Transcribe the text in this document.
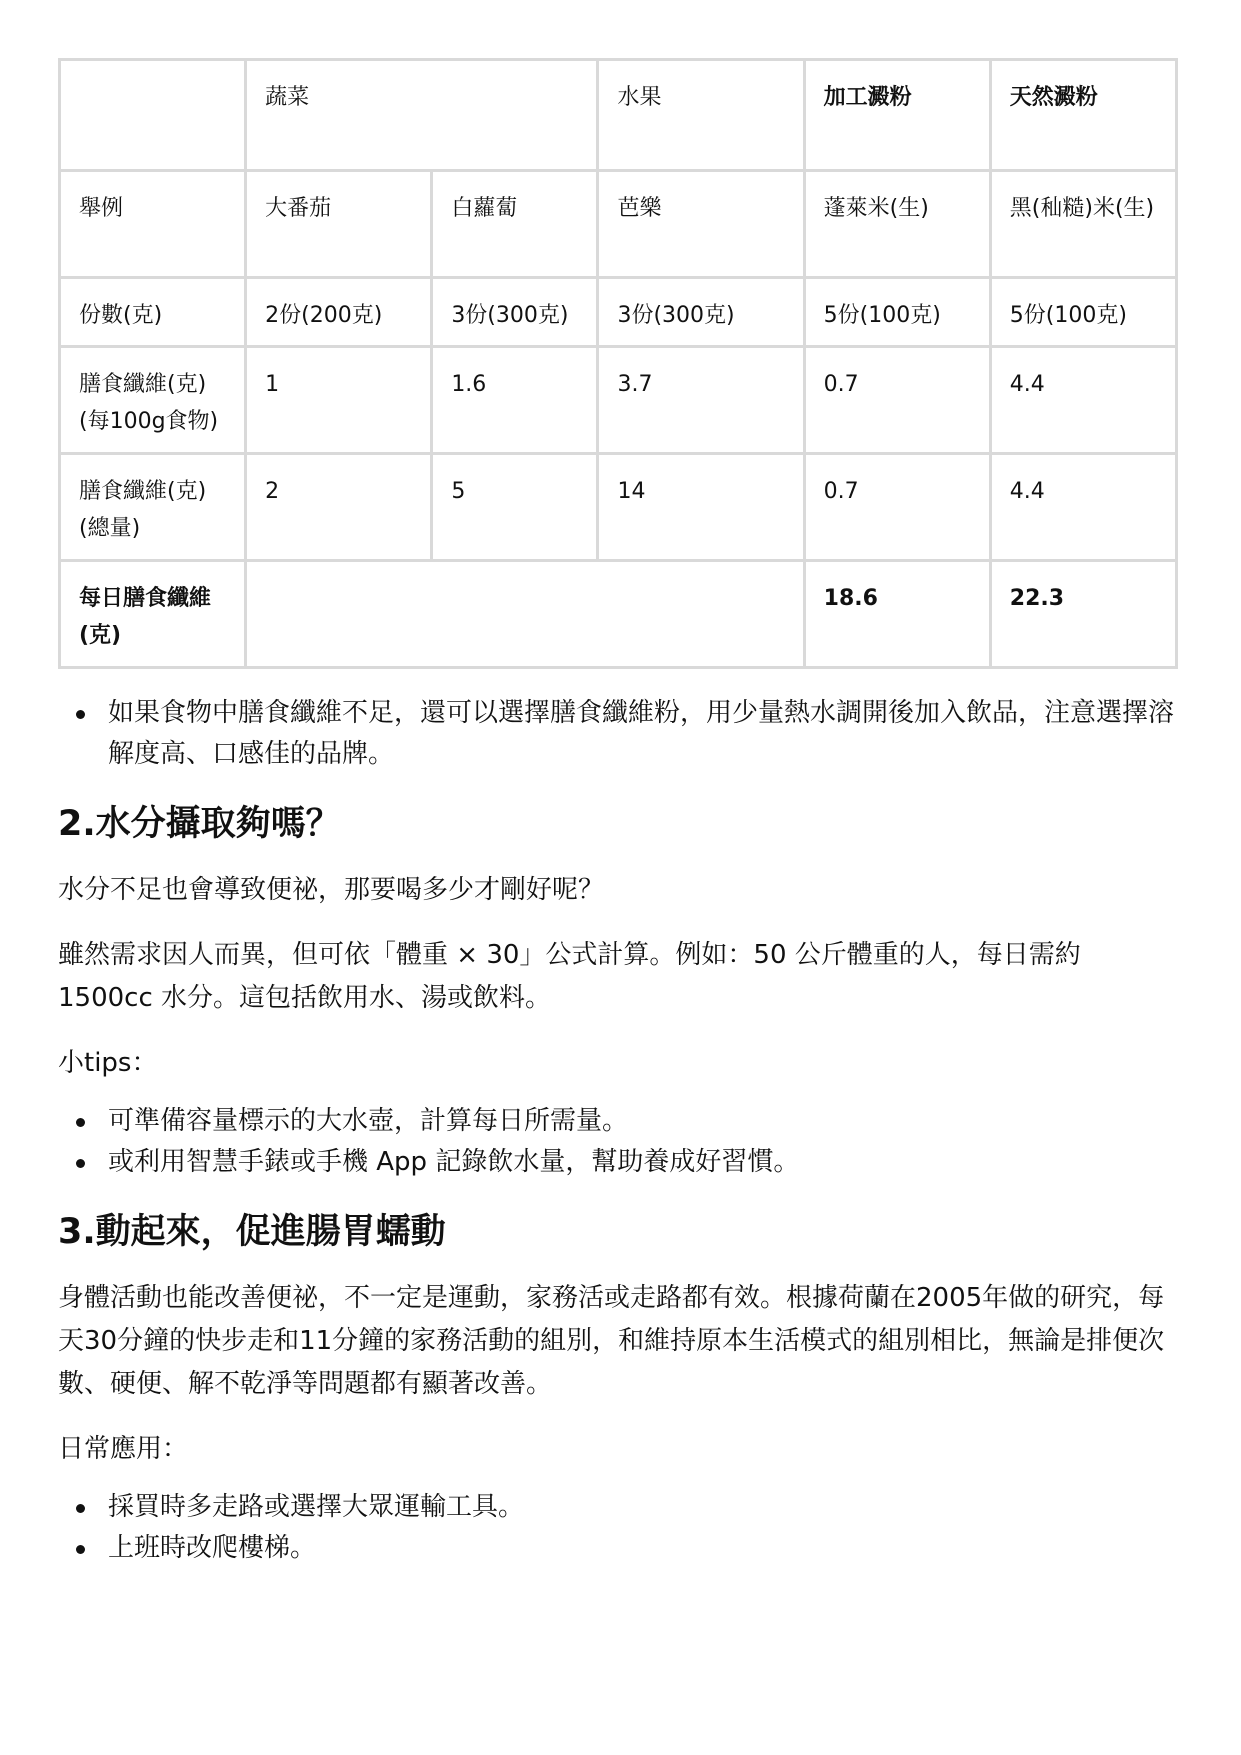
	蔬菜		水果	加工澱粉	天然澱粉
舉例	大番茄	白蘿蔔	芭樂	蓬萊米(生)	黑(秈糙)米(生)
份數(克)	2份(200克)	3份(300克)	3份(300克)	5份(100克)	5份(100克)
膳食纖維(克)(每100g食物)	1	1.6	3.7	0.7	4.4
膳食纖維(克)(總量)	2	5	14	0.7	4.4
每日膳食纖維(克)				18.6	22.3
如果食物中膳食纖維不足，還可以選擇膳食纖維粉，用少量熱水調開後加入飲品，注意選擇溶解度高、口感佳的品牌。
2.水分攝取夠嗎？

水分不足也會導致便祕，那要喝多少才剛好呢？

雖然需求因人而異，但可依「體重 × 30」公式計算。例如：50 公斤體重的人，每日需約 1500cc 水分。這包括飲用水、湯或飲料。

小tips：

可準備容量標示的大水壺，計算每日所需量。
或利用智慧手錶或手機 App 記錄飲水量，幫助養成好習慣。
3.動起來，促進腸胃蠕動

身體活動也能改善便祕，不一定是運動，家務活或走路都有效。根據荷蘭在2005年做的研究，每天30分鐘的快步走和11分鐘的家務活動的組別，和維持原本生活模式的組別相比，無論是排便次數、硬便、解不乾淨等問題都有顯著改善。

日常應用：

採買時多走路或選擇大眾運輸工具。
上班時改爬樓梯。
